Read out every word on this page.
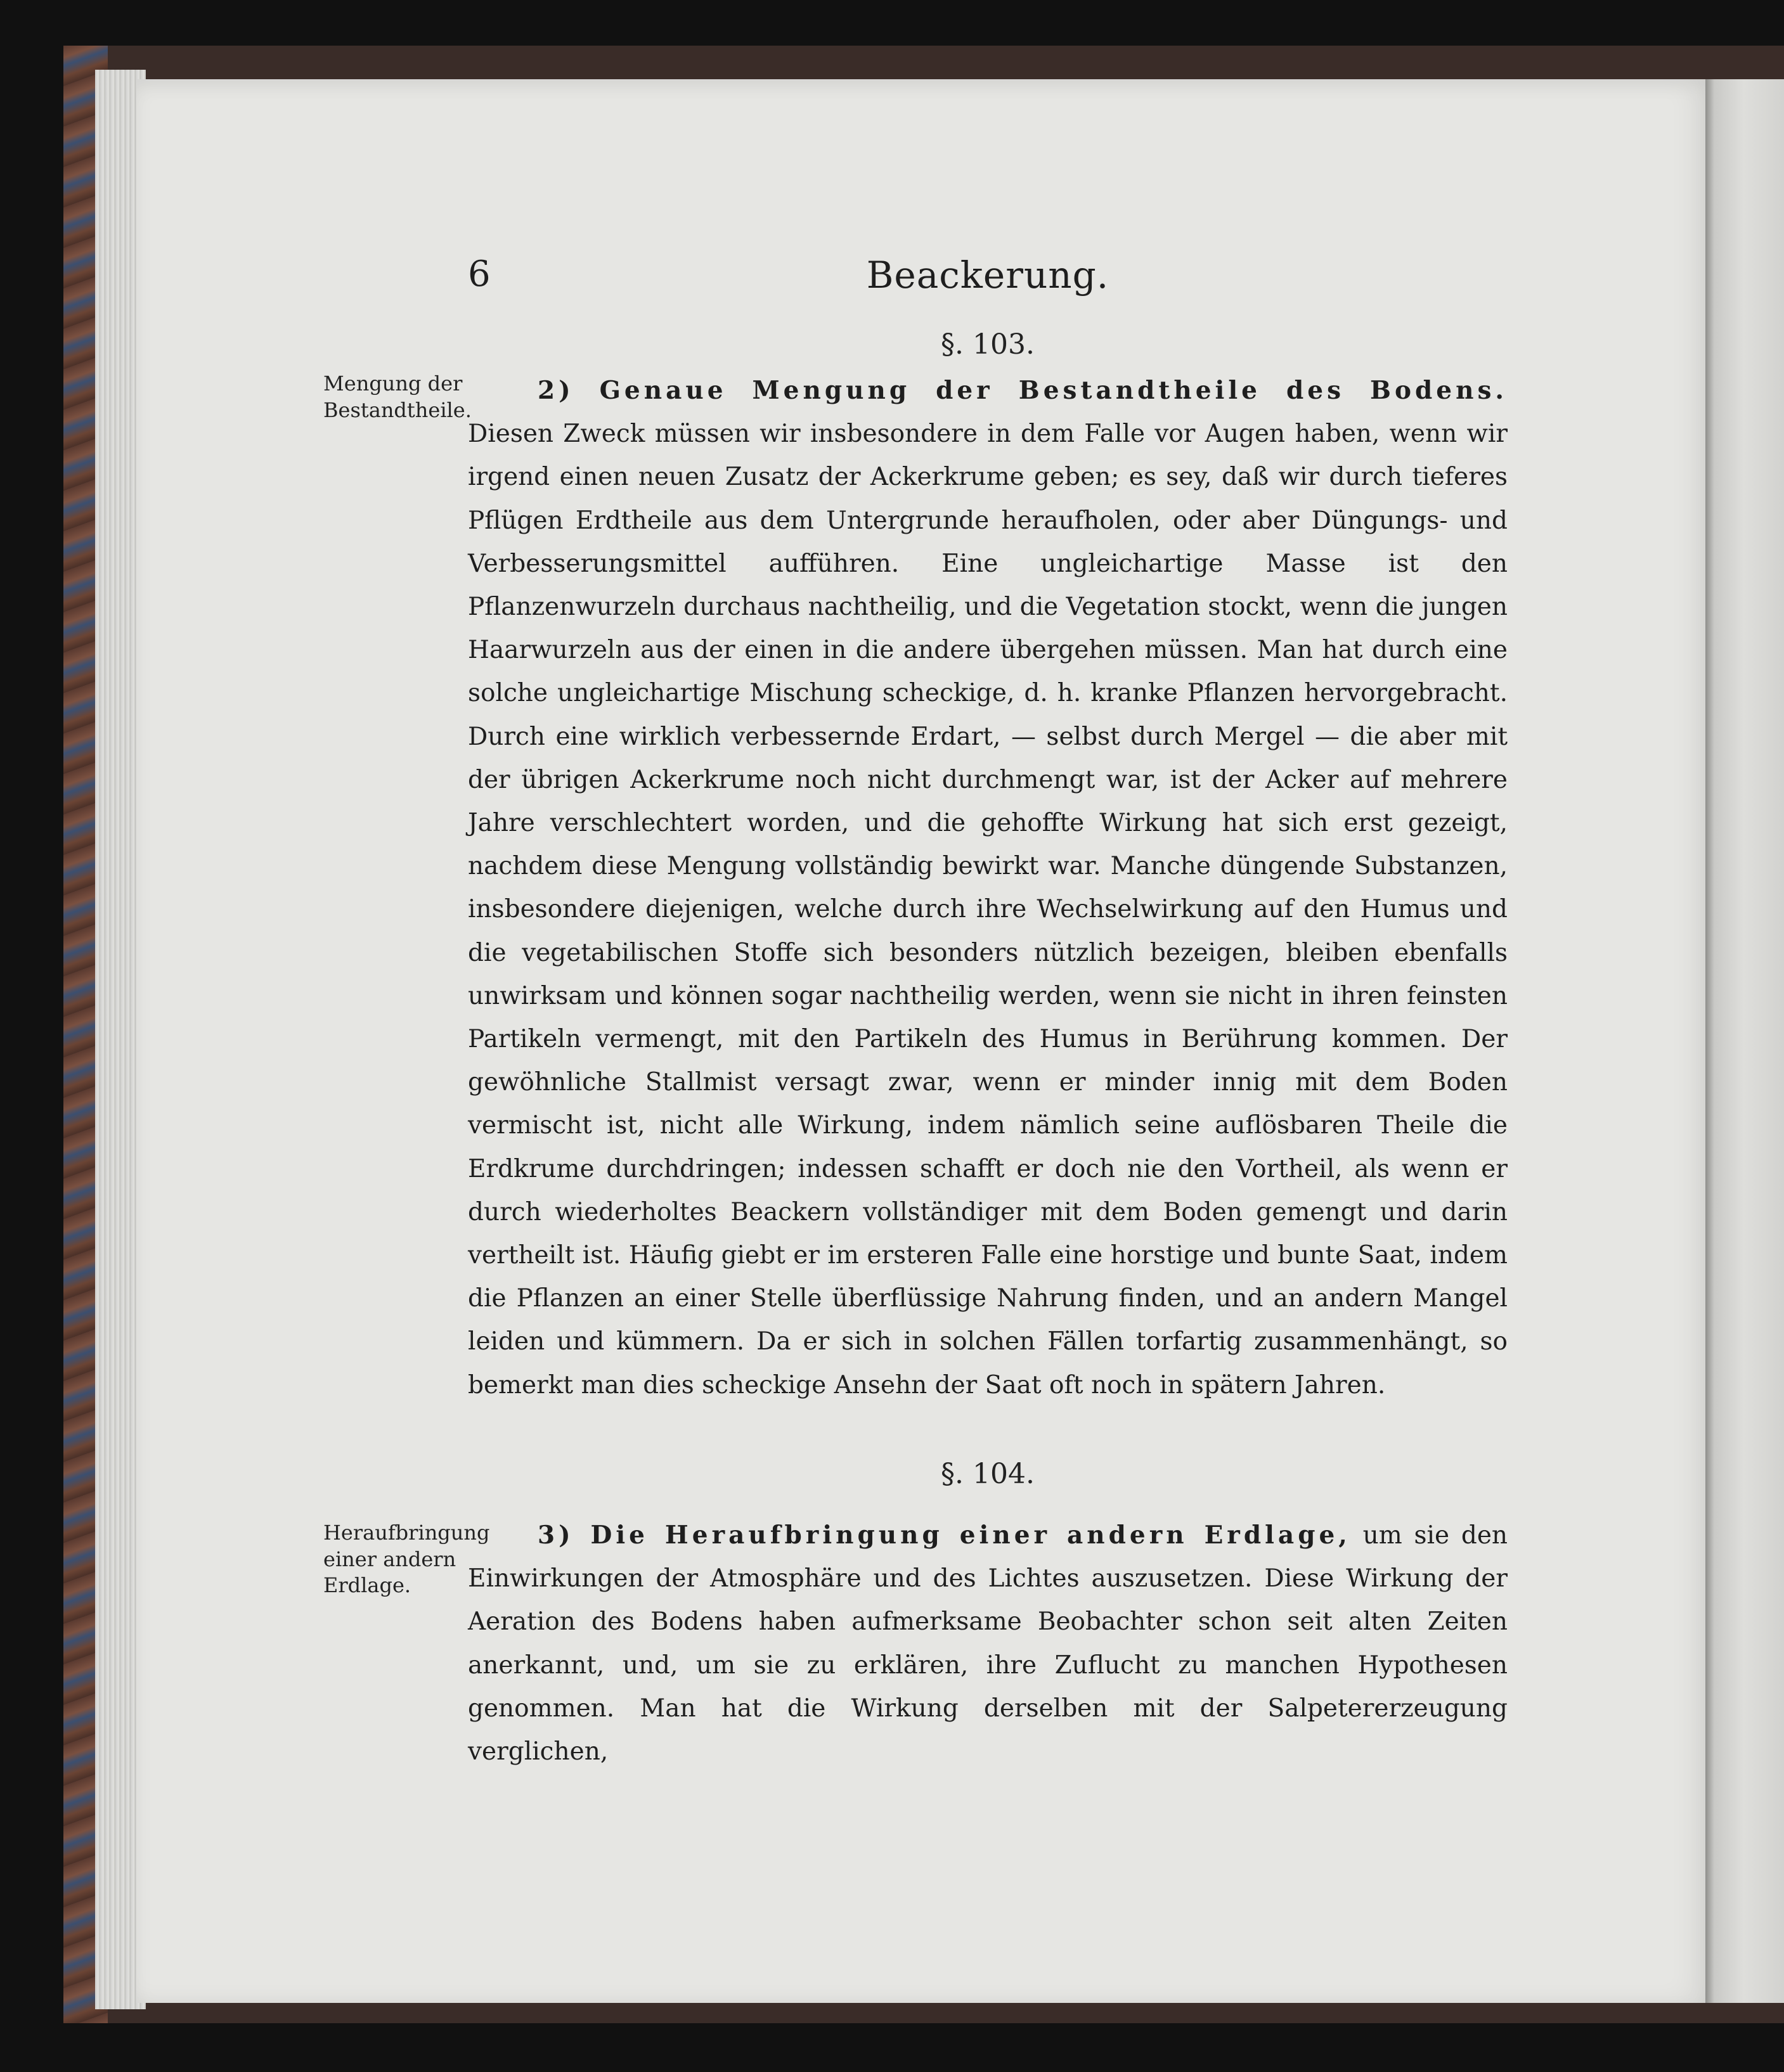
6	Beackerung.
§. 103.
Mengung der Bestandtheile.

2) Genaue Mengung der Bestandtheile des Bodens. Diesen Zweck müssen wir insbesondere in dem Falle vor Augen haben, wenn wir irgend einen neuen Zusatz der Ackerkrume geben; es sey, daß wir durch tieferes Pflügen Erdtheile aus dem Untergrunde heraufholen, oder aber Düngungs- und Verbesserungsmittel aufführen. Eine ungleichartige Masse ist den Pflanzenwurzeln durchaus nachtheilig, und die Vegetation stockt, wenn die jungen Haarwurzeln aus der einen in die andere übergehen müssen. Man hat durch eine solche ungleichartige Mischung scheckige, d. h. kranke Pflanzen hervorgebracht. Durch eine wirklich verbessernde Erdart, — selbst durch Mergel — die aber mit der übrigen Ackerkrume noch nicht durchmengt war, ist der Acker auf mehrere Jahre verschlechtert worden, und die gehoffte Wirkung hat sich erst gezeigt, nachdem diese Mengung vollständig bewirkt war. Manche düngende Substanzen, insbesondere diejenigen, welche durch ihre Wechselwirkung auf den Humus und die vegetabilischen Stoffe sich besonders nützlich bezeigen, bleiben ebenfalls unwirksam und können sogar nachtheilig werden, wenn sie nicht in ihren feinsten Partikeln vermengt, mit den Partikeln des Humus in Berührung kommen. Der gewöhnliche Stallmist versagt zwar, wenn er minder innig mit dem Boden vermischt ist, nicht alle Wirkung, indem nämlich seine auflösbaren Theile die Erdkrume durchdringen; indessen schafft er doch nie den Vortheil, als wenn er durch wiederholtes Beackern vollständiger mit dem Boden gemengt und darin vertheilt ist. Häufig giebt er im ersteren Falle eine horstige und bunte Saat, indem die Pflanzen an einer Stelle überflüssige Nahrung finden, und an andern Mangel leiden und kümmern. Da er sich in solchen Fällen torfartig zusammenhängt, so bemerkt man dies scheckige Ansehn der Saat oft noch in spätern Jahren.

§. 104.
Heraufbringung einer andern Erdlage.

3) Die Heraufbringung einer andern Erdlage, um sie den Einwirkungen der Atmosphäre und des Lichtes auszusetzen. Diese Wirkung der Aeration des Bodens haben aufmerksame Beobachter schon seit alten Zeiten anerkannt, und, um sie zu erklären, ihre Zuflucht zu manchen Hypothesen genommen. Man hat die Wirkung derselben mit der Salpetererzeugung verglichen,
